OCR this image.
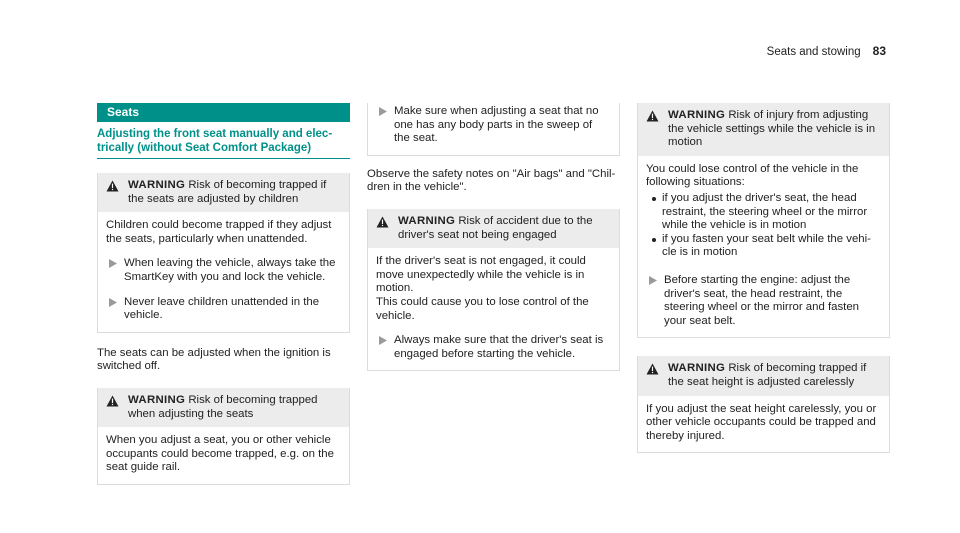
Seats and stowing 83
Seats
Adjusting the front seat manually and elec-trically (without Seat Comfort Package)
WARNING Risk of becoming trapped if the seats are adjusted by children

Children could become trapped if they adjust the seats, particularly when unattended.

When leaving the vehicle, always take the SmartKey with you and lock the vehicle.
Never leave children unattended in the vehicle.

The seats can be adjusted when the ignition is switched off.

WARNING Risk of becoming trapped when adjusting the seats

When you adjust a seat, you or other vehicle occupants could become trapped, e.g. on the seat guide rail.

Make sure when adjusting a seat that no one has any body parts in the sweep of the seat.

Observe the safety notes on "Air bags" and "Chil-dren in the vehicle".

WARNING Risk of accident due to the driver's seat not being engaged

If the driver's seat is not engaged, it could move unexpectedly while the vehicle is in motion.

This could cause you to lose control of the vehicle.

Always make sure that the driver's seat is engaged before starting the vehicle.
WARNING Risk of injury from adjusting the vehicle settings while the vehicle is in motion

You could lose control of the vehicle in the following situations:

if you adjust the driver's seat, the head restraint, the steering wheel or the mirror while the vehicle is in motion
if you fasten your seat belt while the vehi-cle is in motion
Before starting the engine: adjust the driver's seat, the head restraint, the steering wheel or the mirror and fasten your seat belt.
WARNING Risk of becoming trapped if the seat height is adjusted carelessly

If you adjust the seat height carelessly, you or other vehicle occupants could be trapped and thereby injured.
